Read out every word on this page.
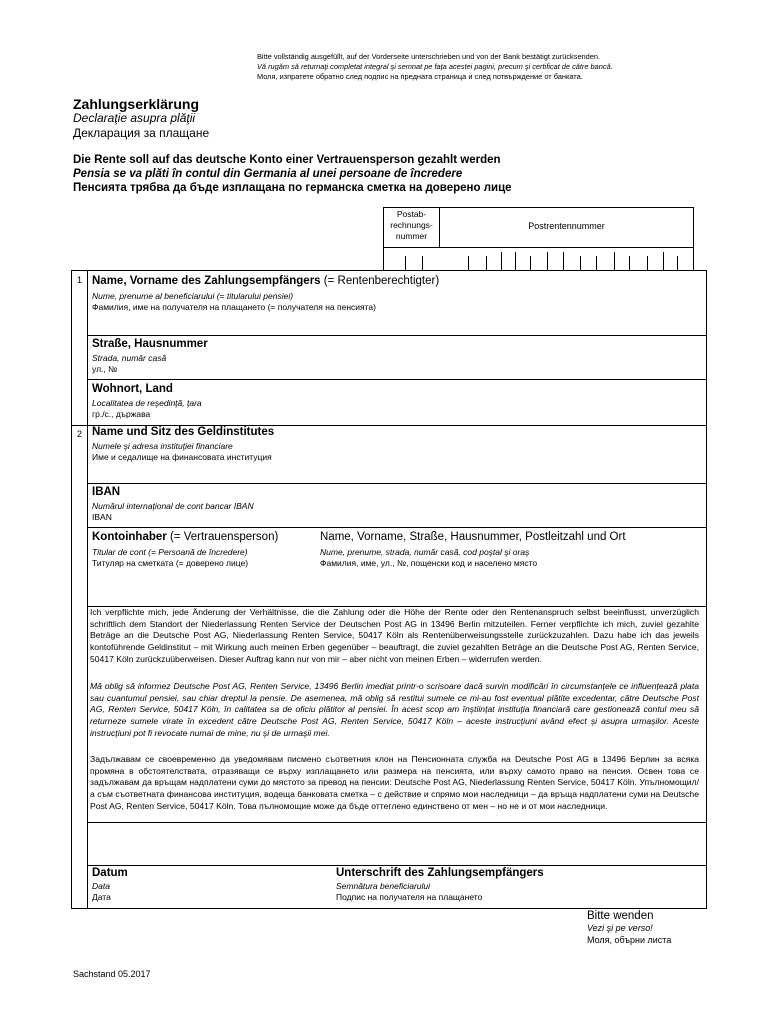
Bitte vollständig ausgefüllt, auf der Vorderseite unterschrieben und von der Bank bestätigt zurücksenden.
Vă rugăm să returnaţi completat integral şi semnat pe faţa acestei pagini, precum şi certificat de către bancă.
Моля, изпратете обратно след подпис на предната страница и след потвърждение от банката.
Zahlungserklärung
Declaraţie asupra plăţii
Декларация за плащане
Die Rente soll auf das deutsche Konto einer Vertrauensperson gezahlt werden
Pensia se va plăti în contul din Germania al unei persoane de încredere
Пенсията трябва да бъде изплащана по германска сметка на доверено лице
Postab-
rechnungs-
nummer
Postrentennummer
1
2
Name, Vorname des Zahlungsempfängers (= Rentenberechtigter)
Nume, prenume al beneficiarului (= titularului pensiei)
Фамилия, име на получателя на плащането (= получателя на пенсията)
Straße, Hausnummer
Strada, număr casă
ул., №
Wohnort, Land
Localitatea de reşedinţă, ţara
гр./с., държава
Name und Sitz des Geldinstitutes
Numele şi adresa instituţiei financiare
Име и седалище на финансовата институция
IBAN
Numărul internaţional de cont bancar IBAN
IBAN
Kontoinhaber (= Vertrauensperson)
Titular de cont (= Persoană de încredere)
Титуляр на сметката (= доверено лице)
Name, Vorname, Straße, Hausnummer, Postleitzahl und Ort
Nume, prenume, strada, număr casă, cod poştal şi oraş
Фамилия, име, ул., №, пощенски код и населено място
Datum
Data
Дата
Unterschrift des Zahlungsempfängers
Semnătura beneficiarului
Подпис на получателя на плащането
Ich verpflichte mich, jede Änderung der Verhältnisse, die die Zahlung oder die Höhe der Rente oder den Rentenanspruch selbst beeinflusst, unverzüglich schriftlich dem Standort der Niederlassung Renten Service der Deutschen Post AG in 13496 Berlin mitzuteilen. Ferner verpflichte ich mich, zuviel gezahlte Beträge an die Deutsche Post AG, Niederlassung Renten Service, 50417 Köln als Rentenüberweisungsstelle zurückzuzahlen. Dazu habe ich das jeweils kontoführende Geldinstitut – mit Wirkung auch meinen Erben gegenüber – beauftragt, die zuviel gezahlten Beträge an die Deutsche Post AG, Renten Service, 50417 Köln zurückzuüberweisen. Dieser Auftrag kann nur von mir – aber nicht von meinen Erben – widerrufen werden.
Mă oblig să informez Deutsche Post AG, Renten Service, 13496 Berlin imediat printr-o scrisoare dacă survin modificări în circumstanţele ce influenţează plata sau cuantumul pensiei, sau chiar dreptul la pensie. De asemenea, mă oblig să restitui sumele ce mi-au fost eventual plătite excedentar, către Deutsche Post AG, Renten Service, 50417 Köln, în calitatea sa de oficiu plătitor al pensiei. În acest scop am înştiinţat instituţia financiară care gestionează contul meu să returneze sumele virate în excedent către Deutsche Post AG, Renten Service, 50417 Köln – aceste instrucţiuni având efect şi asupra urmaşilor. Aceste instrucţiuni pot fi revocate numai de mine, nu şi de urmaşii mei.
Задължавам се своевременно да уведомявам писмено съответния клон на Пенсионната служба на Deutsche Post AG в 13496 Берлин за всяка промяна в обстоятелствата, отразяващи се върху изплащането или размера на пенсията, или върху самото право на пенсия. Освен това се задължавам да връщам надплатени суми до мястото за превод на пенсии: Deutsche Post AG, Niederlassung Renten Service, 50417 Köln. Упълномощил/а съм съответната финансова институция, водеща банковата сметка – с действие и спрямо мои наследници – да връща надплатени суми на Deutsche Post AG, Renten Service, 50417 Köln. Това пълномощие може да бъде оттеглено единствено от мен – но не и от мои наследници.
Bitte wenden
Vezi şi pe verso!
Моля, обърни листа
Sachstand 05.2017
